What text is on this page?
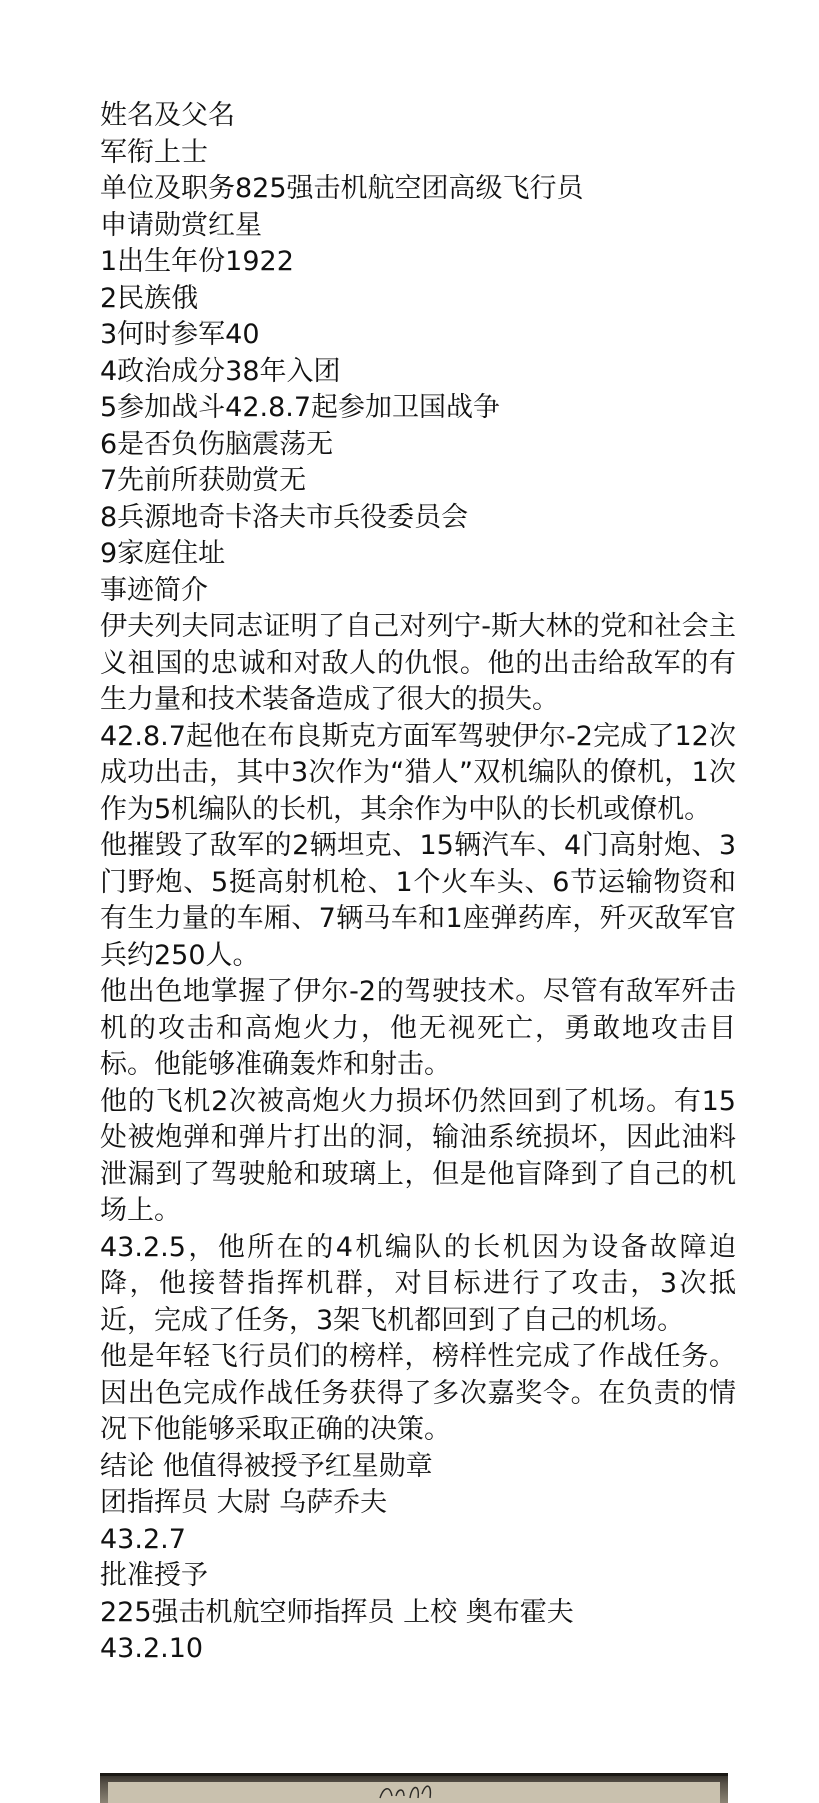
姓名及父名
军衔上士
单位及职务825强击机航空团高级飞行员
申请勋赏红星
1出生年份1922
2民族俄
3何时参军40
4政治成分38年入团
5参加战斗42.8.7起参加卫国战争
6是否负伤脑震荡无
7先前所获勋赏无
8兵源地奇卡洛夫市兵役委员会
9家庭住址
事迹简介
伊夫列夫同志证明了自己对列宁-斯大林的党和社会主义祖国的忠诚和对敌人的仇恨。他的出击给敌军的有生力量和技术装备造成了很大的损失。
42.8.7起他在布良斯克方面军驾驶伊尔-2完成了12次成功出击，其中3次作为“猎人”双机编队的僚机，1次作为5机编队的长机，其余作为中队的长机或僚机。
他摧毁了敌军的2辆坦克、15辆汽车、4门高射炮、3门野炮、5挺高射机枪、1个火车头、6节运输物资和有生力量的车厢、7辆马车和1座弹药库，歼灭敌军官兵约250人。
他出色地掌握了伊尔-2的驾驶技术。尽管有敌军歼击机的攻击和高炮火力，他无视死亡，勇敢地攻击目标。他能够准确轰炸和射击。
他的飞机2次被高炮火力损坏仍然回到了机场。有15处被炮弹和弹片打出的洞，输油系统损坏，因此油料泄漏到了驾驶舱和玻璃上，但是他盲降到了自己的机场上。
43.2.5，他所在的4机编队的长机因为设备故障迫降，他接替指挥机群，对目标进行了攻击，3次抵近，完成了任务，3架飞机都回到了自己的机场。
他是年轻飞行员们的榜样，榜样性完成了作战任务。因出色完成作战任务获得了多次嘉奖令。在负责的情况下他能够采取正确的决策。
结论 他值得被授予红星勋章
团指挥员 大尉 乌萨乔夫
43.2.7
批准授予
225强击机航空师指挥员 上校 奥布霍夫
43.2.10
